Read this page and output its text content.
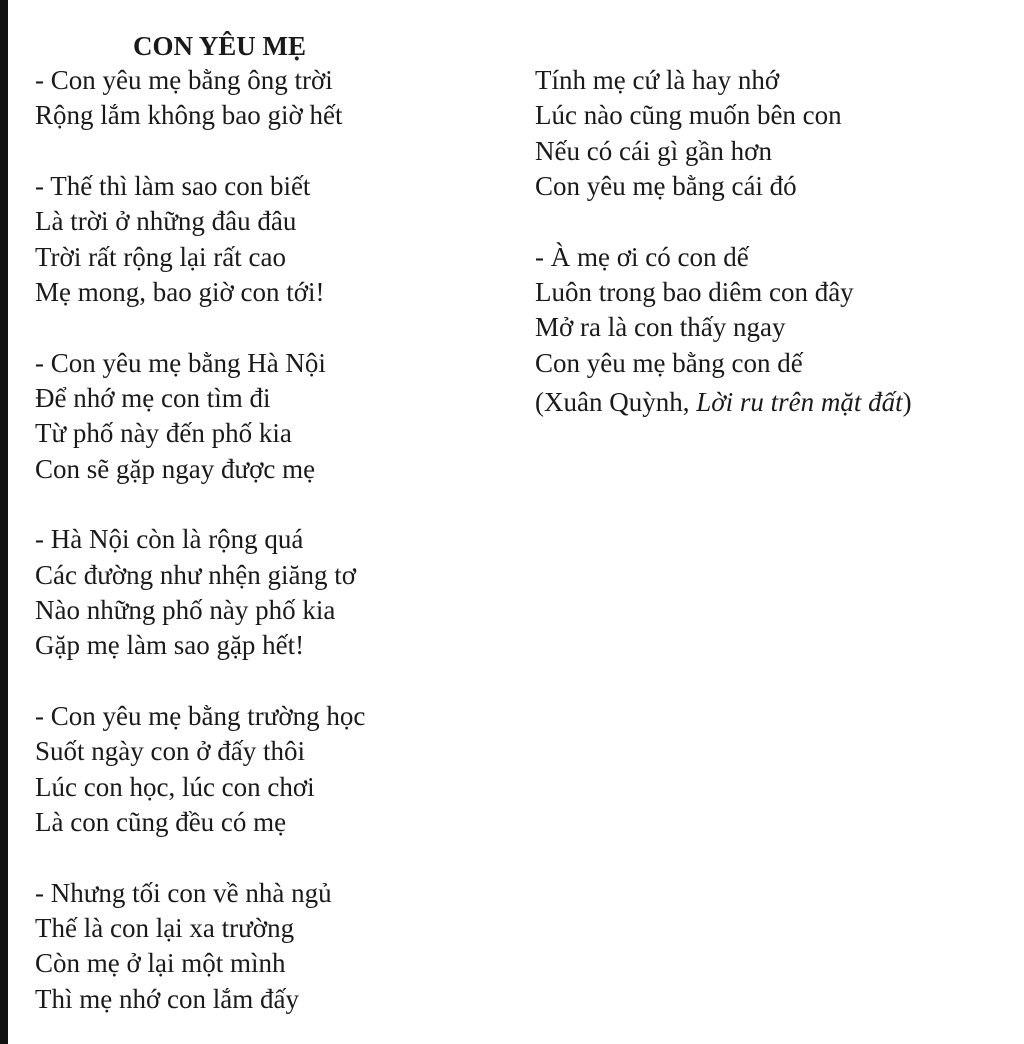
CON YÊU MẸ
- Con yêu mẹ bằng ông trời
Rộng lắm không bao giờ hết
- Thế thì làm sao con biết
Là trời ở những đâu đâu
Trời rất rộng lại rất cao
Mẹ mong, bao giờ con tới!
- Con yêu mẹ bằng Hà Nội
Để nhớ mẹ con tìm đi
Từ phố này đến phố kia
Con sẽ gặp ngay được mẹ
- Hà Nội còn là rộng quá
Các đường như nhện giăng tơ
Nào những phố này phố kia
Gặp mẹ làm sao gặp hết!
- Con yêu mẹ bằng trường học
Suốt ngày con ở đấy thôi
Lúc con học, lúc con chơi
Là con cũng đều có mẹ
- Nhưng tối con về nhà ngủ
Thế là con lại xa trường
Còn mẹ ở lại một mình
Thì mẹ nhớ con lắm đấy
Tính mẹ cứ là hay nhớ
Lúc nào cũng muốn bên con
Nếu có cái gì gần hơn
Con yêu mẹ bằng cái đó
- À mẹ ơi có con dế
Luôn trong bao diêm con đây
Mở ra là con thấy ngay
Con yêu mẹ bằng con dế
(Xuân Quỳnh, Lời ru trên mặt đất)
